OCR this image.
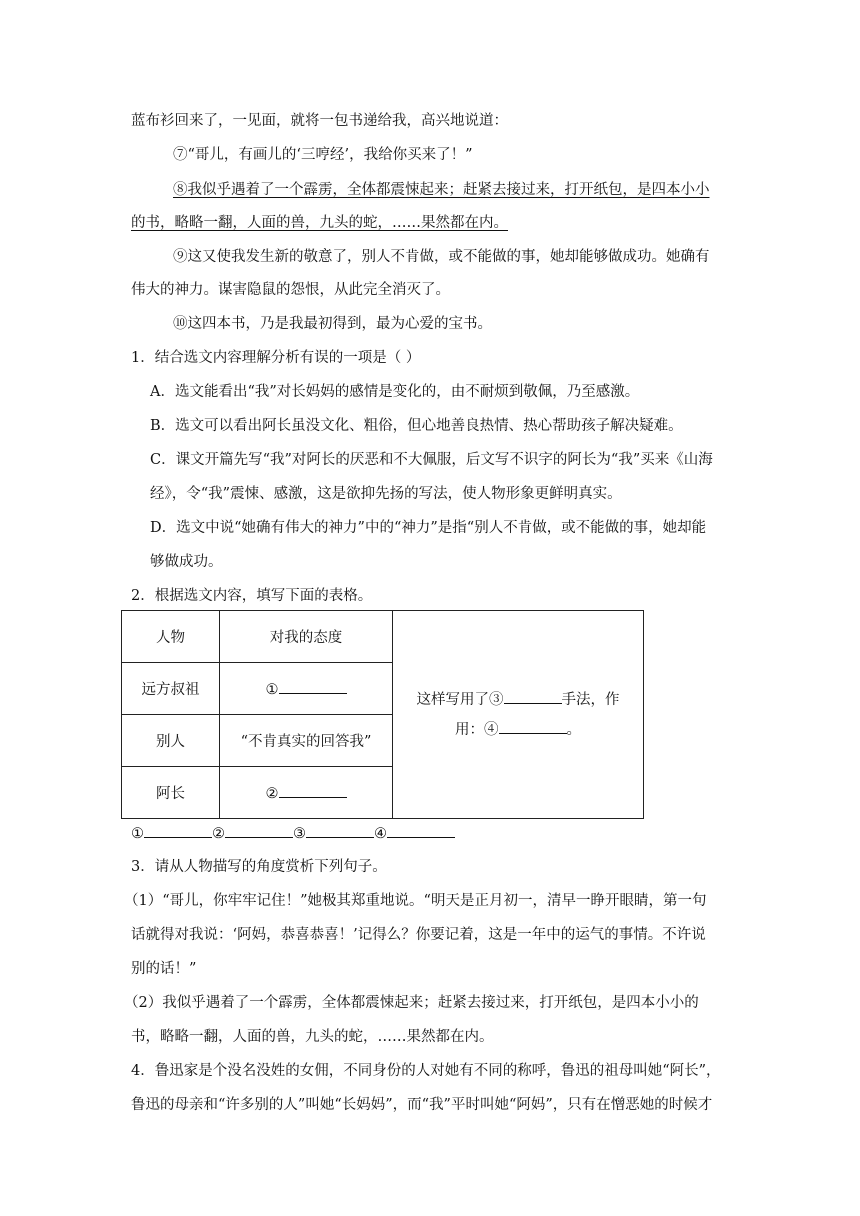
蓝布衫回来了，一见面，就将一包书递给我，高兴地说道：
⑦“哥儿，有画儿的‘三哼经’，我给你买来了！”
⑧我似乎遇着了一个霹雳，全体都震悚起来；赶紧去接过来，打开纸包，是四本小小
的书，略略一翻，人面的兽，九头的蛇，……果然都在内。
⑨这又使我发生新的敬意了，别人不肯做，或不能做的事，她却能够做成功。她确有
伟大的神力。谋害隐鼠的怨恨，从此完全消灭了。
⑩这四本书，乃是我最初得到，最为心爱的宝书。
1．结合选文内容理解分析有误的一项是（ ）
A．选文能看出“我”对长妈妈的感情是变化的，由不耐烦到敬佩，乃至感激。
B．选文可以看出阿长虽没文化、粗俗，但心地善良热情、热心帮助孩子解决疑难。
C．课文开篇先写“我”对阿长的厌恶和不大佩服，后文写不识字的阿长为“我”买来《山海
经》，令“我”震悚、感激，这是欲抑先扬的写法，使人物形象更鲜明真实。
D．选文中说“她确有伟大的神力”中的“神力”是指“别人不肯做，或不能做的事，她却能
够做成功。
2．根据选文内容，填写下面的表格。
人物	对我的态度	这样写用了③ 手法，作
用：④ 。
远方叔祖	①	
别人	“不肯真实的回答我”	
阿长	②	
①	②	③	④
3．请从人物描写的角度赏析下列句子。
（1）“哥儿，你牢牢记住！”她极其郑重地说。“明天是正月初一，清早一睁开眼睛，第一句
话就得对我说：‘阿妈，恭喜恭喜！’记得么？你要记着，这是一年中的运气的事情。不许说
别的话！”
（2）我似乎遇着了一个霹雳，全体都震悚起来；赶紧去接过来，打开纸包，是四本小小的
书，略略一翻，人面的兽，九头的蛇，……果然都在内。
4．鲁迅家是个没名没姓的女佣，不同身份的人对她有不同的称呼，鲁迅的祖母叫她“阿长”，
鲁迅的母亲和“许多别的人”叫她“长妈妈”，而“我”平时叫她“阿妈”，只有在憎恶她的时候才
